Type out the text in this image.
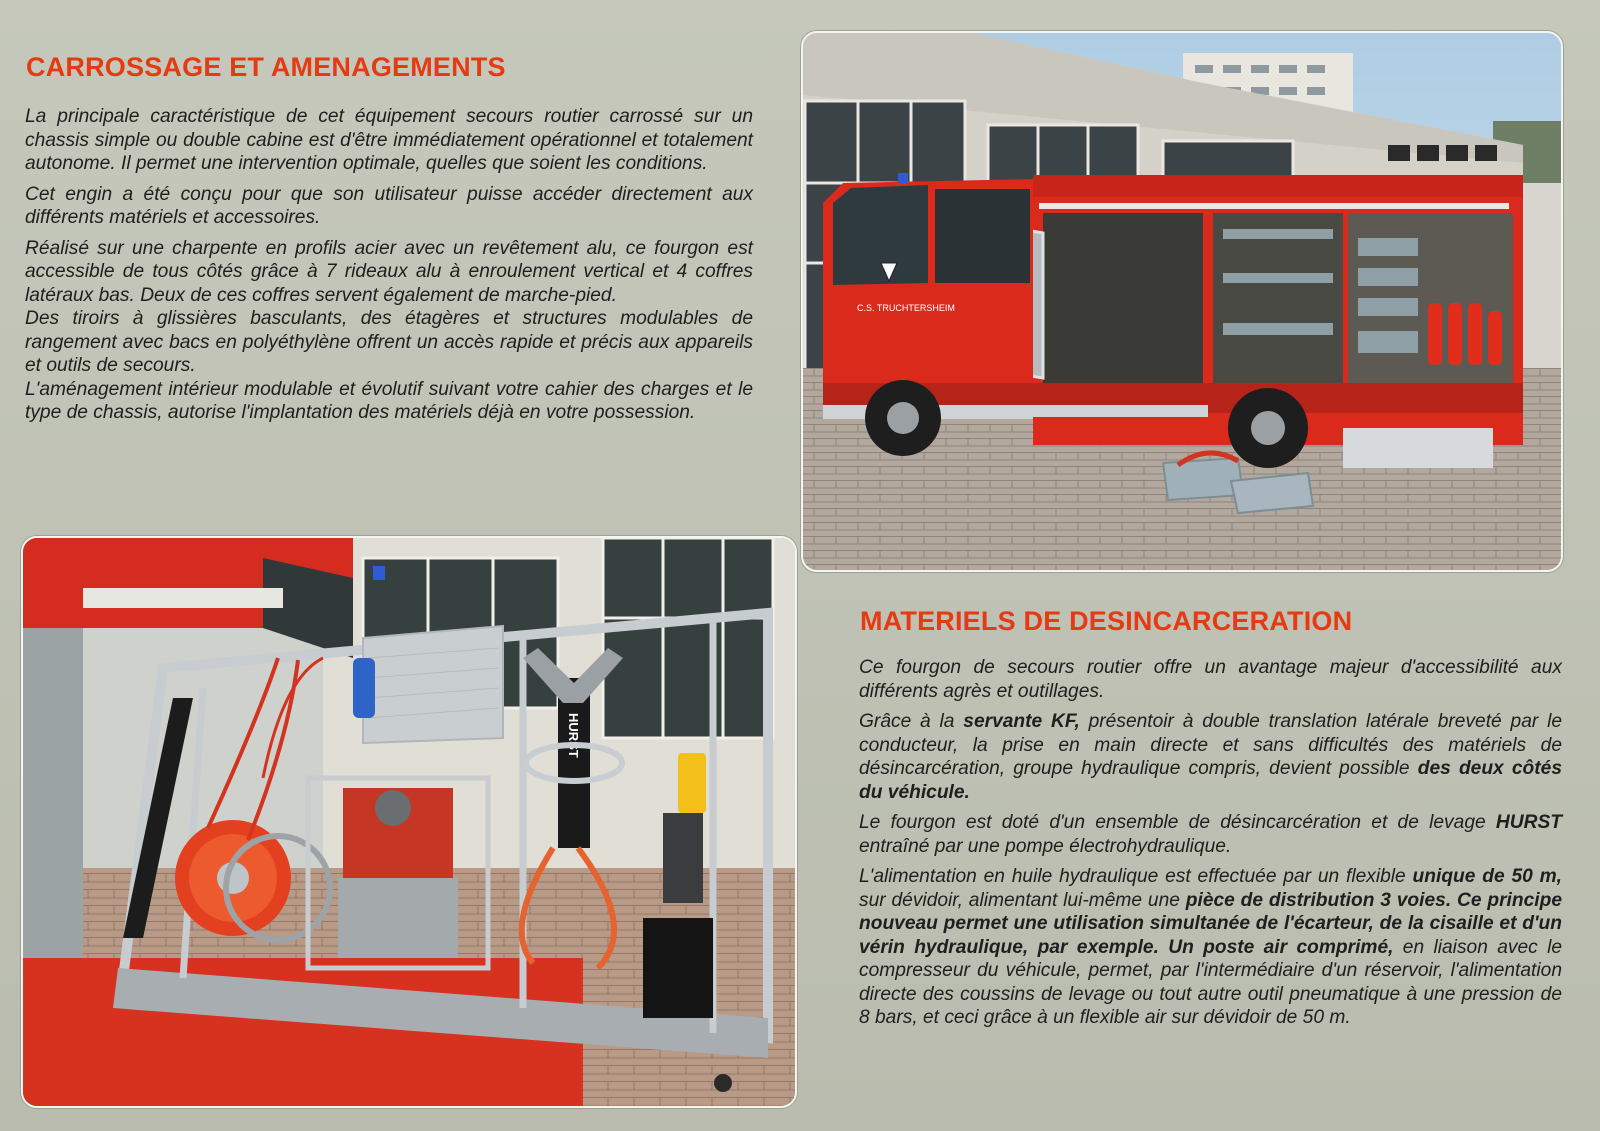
CARROSSAGE ET AMENAGEMENTS

La principale caractéristique de cet équipement secours routier carrossé sur un chassis simple ou double cabine est d'être immédiatement opérationnel et totalement autonome. Il permet une intervention optimale, quelles que soient les conditions.

Cet engin a été conçu pour que son utilisateur puisse accéder directement aux différents matériels et accessoires.

Réalisé sur une charpente en profils acier avec un revêtement alu, ce fourgon est accessible de tous côtés grâce à 7 rideaux alu à enroulement vertical et 4 coffres latéraux bas. Deux de ces coffres servent également de marche-pied.

Des tiroirs à glissières basculants, des étagères et structures modulables de rangement avec bacs en polyéthylène offrent un accès rapide et précis aux appareils et outils de secours.

L'aménagement intérieur modulable et évolutif suivant votre cahier des charges et le type de chassis, autorise l'implantation des matériels déjà en votre possession.

C.S. TRUCHTERSHEIM
HURST
MATERIELS DE DESINCARCERATION

Ce fourgon de secours routier offre un avantage majeur d'accessibilité aux différents agrès et outillages.

Grâce à la servante KF, présentoir à double translation latérale breveté par le conducteur, la prise en main directe et sans difficultés des matériels de désincarcération, groupe hydraulique compris, devient possible des deux côtés du véhicule.

Le fourgon est doté d'un ensemble de désincarcération et de levage HURST entraîné par une pompe électrohydraulique.

L'alimentation en huile hydraulique est effectuée par un flexible unique de 50 m, sur dévidoir, alimentant lui-même une pièce de distribution 3 voies. Ce principe nouveau permet une utilisation simultanée de l'écarteur, de la cisaille et d'un vérin hydraulique, par exemple. Un poste air comprimé, en liaison avec le compresseur du véhicule, permet, par l'intermédiaire d'un réservoir, l'alimentation directe des coussins de levage ou tout autre outil pneumatique à une pression de 8 bars, et ceci grâce à un flexible air sur dévidoir de 50 m.
